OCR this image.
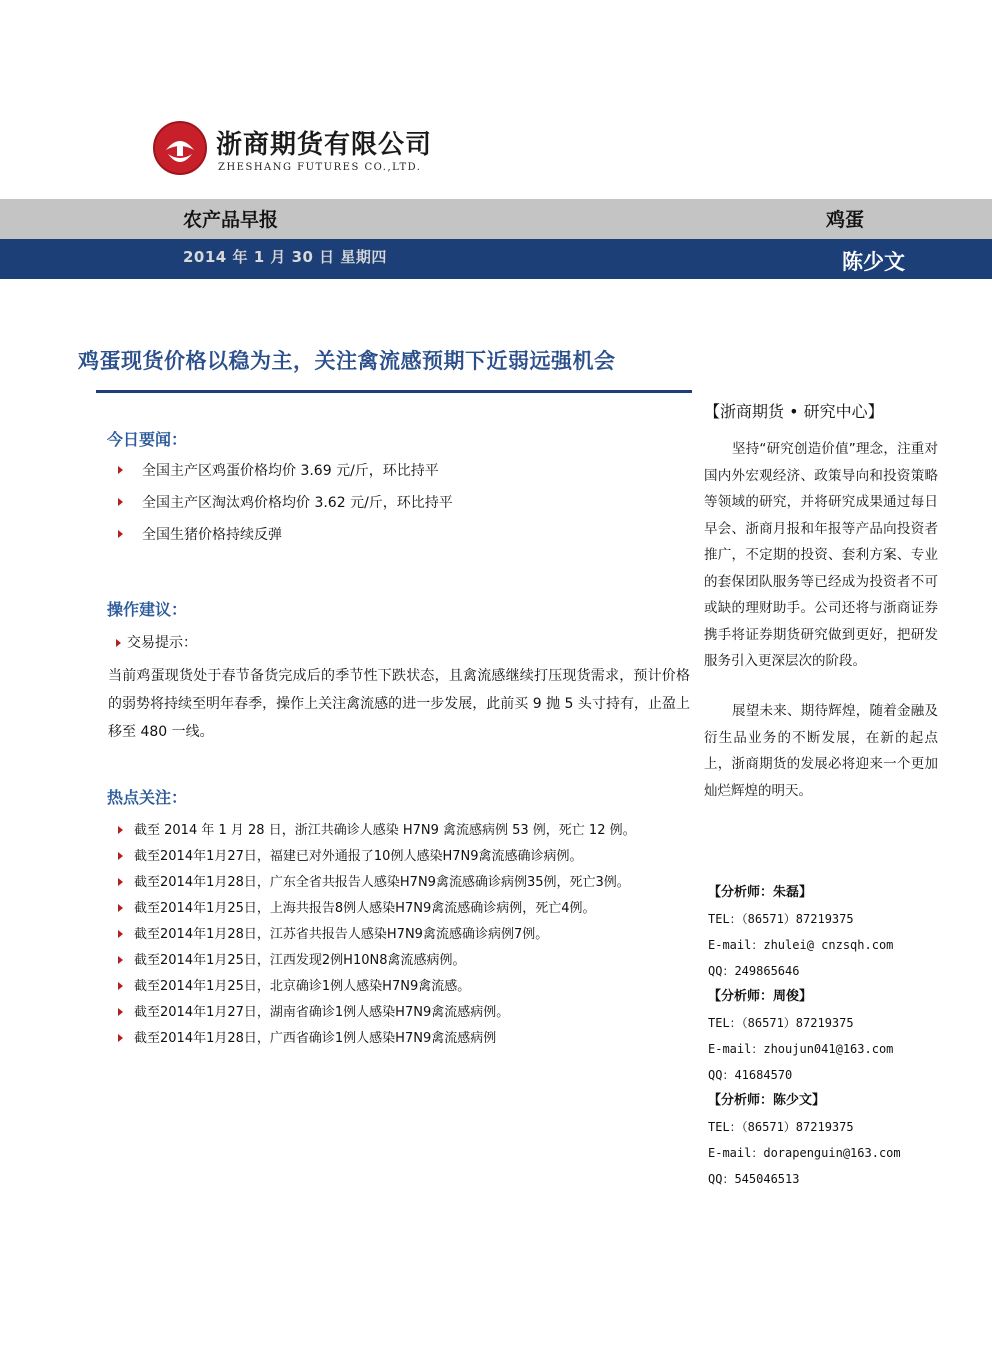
浙商期货有限公司
ZHESHANG FUTURES CO.,LTD.
农产品早报	鸡蛋
2014 年 1 月 30 日 星期四	陈少文
鸡蛋现货价格以稳为主，关注禽流感预期下近弱远强机会
今日要闻：
全国主产区鸡蛋价格均价 3.69 元/斤，环比持平
全国主产区淘汰鸡价格均价 3.62 元/斤，环比持平
全国生猪价格持续反弹
操作建议：
交易提示：
当前鸡蛋现货处于春节备货完成后的季节性下跌状态，且禽流感继续打压现货需求，预计价格的弱势将持续至明年春季，操作上关注禽流感的进一步发展，此前买 9 抛 5 头寸持有，止盈上移至 480 一线。
热点关注：
截至 2014 年 1 月 28 日，浙江共确诊人感染 H7N9 禽流感病例 53 例，死亡 12 例。
截至2014年1月27日，福建已对外通报了10例人感染H7N9禽流感确诊病例。
截至2014年1月28日，广东全省共报告人感染H7N9禽流感确诊病例35例，死亡3例。
截至2014年1月25日，上海共报告8例人感染H7N9禽流感确诊病例，死亡4例。
截至2014年1月28日，江苏省共报告人感染H7N9禽流感确诊病例7例。
截至2014年1月25日，江西发现2例H10N8禽流感病例。
截至2014年1月25日，北京确诊1例人感染H7N9禽流感。
截至2014年1月27日，湖南省确诊1例人感染H7N9禽流感病例。
截至2014年1月28日，广西省确诊1例人感染H7N9禽流感病例
【浙商期货 • 研究中心】

坚持“研究创造价值”理念，注重对国内外宏观经济、政策导向和投资策略等领域的研究，并将研究成果通过每日早会、浙商月报和年报等产品向投资者推广，不定期的投资、套利方案、专业的套保团队服务等已经成为投资者不可或缺的理财助手。公司还将与浙商证券携手将证券期货研究做到更好，把研发服务引入更深层次的阶段。

展望未来、期待辉煌，随着金融及衍生品业务的不断发展，在新的起点上，浙商期货的发展必将迎来一个更加灿烂辉煌的明天。

【分析师：朱磊】
TEL：（86571）87219375
E-mail：zhulei@ cnzsqh.com
QQ：249865646
【分析师：周俊】
TEL：（86571）87219375
E-mail：zhoujun041@163.com
QQ：41684570
【分析师：陈少文】
TEL：（86571）87219375
E-mail：dorapenguin@163.com
QQ：545046513
